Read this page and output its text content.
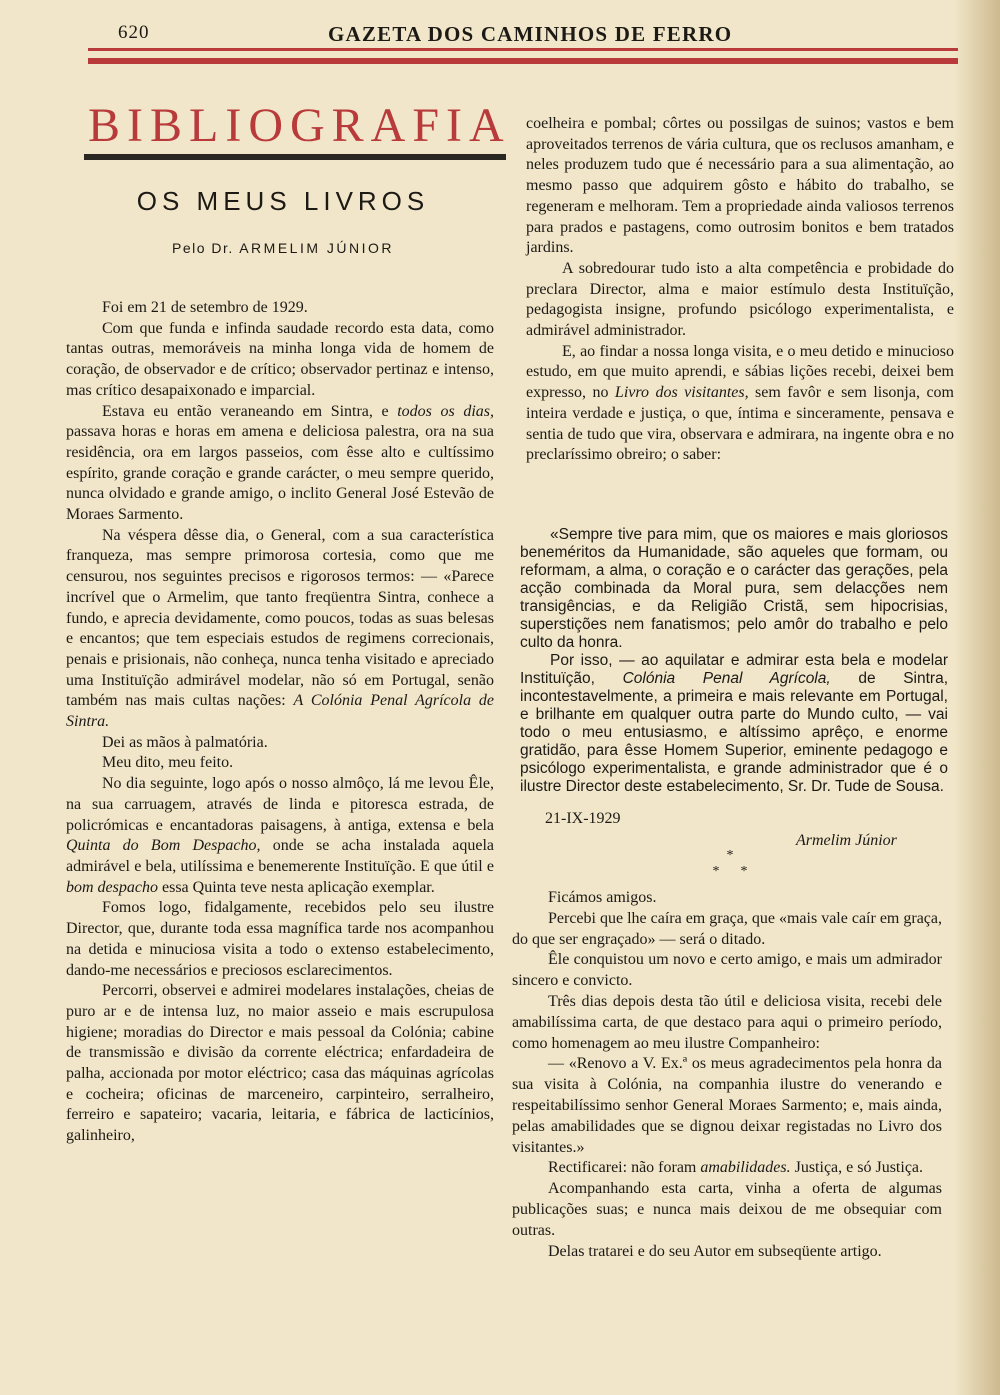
620	GAZETA DOS CAMINHOS DE FERRO
BIBLIOGRAFIA
OS MEUS LIVROS
Pelo Dr. ARMELIM JÚNIOR

Foi em 21 de setembro de 1929.

Com que funda e infinda saudade recordo esta data, como tantas outras, memoráveis na minha longa vida de homem de coração, de observador e de crítico; observador pertinaz e intenso, mas crítico desapaixonado e imparcial.

Estava eu então veraneando em Sintra, e todos os dias, passava horas e horas em amena e deliciosa palestra, ora na sua residência, ora em largos passeios, com êsse alto e cultíssimo espírito, grande coração e grande carácter, o meu sempre querido, nunca olvidado e grande amigo, o inclito General José Estevão de Moraes Sarmento.

Na véspera dêsse dia, o General, com a sua característica franqueza, mas sempre primorosa cortesia, como que me censurou, nos seguintes precisos e rigorosos termos: — «Parece incrível que o Armelim, que tanto freqüentra Sintra, conhece a fundo, e aprecia devidamente, como poucos, todas as suas belesas e encantos; que tem especiais estudos de regimens correcionais, penais e prisionais, não conheça, nunca tenha visitado e apreciado uma Instituïção admirável modelar, não só em Portugal, senão também nas mais cultas nações: A Colónia Penal Agrícola de Sintra.

Dei as mãos à palmatória.

Meu dito, meu feito.

No dia seguinte, logo após o nosso almôço, lá me levou Êle, na sua carruagem, através de linda e pitoresca estrada, de policrómicas e encantadoras paisagens, à antiga, extensa e bela Quinta do Bom Despacho, onde se acha instalada aquela admirável e bela, utilíssima e benemerente Instituïção. E que útil e bom despacho essa Quinta teve nesta aplicação exemplar.

Fomos logo, fidalgamente, recebidos pelo seu ilustre Director, que, durante toda essa magnífica tarde nos acompanhou na detida e minuciosa visita a todo o extenso estabelecimento, dando-me necessários e preciosos esclarecimentos.

Percorri, observei e admirei modelares instalações, cheias de puro ar e de intensa luz, no maior asseio e mais escrupulosa higiene; moradias do Director e mais pessoal da Colónia; cabine de transmissão e divisão da corrente eléctrica; enfardadeira de palha, accionada por motor eléctrico; casa das máquinas agrícolas e cocheira; oficinas de marceneiro, carpinteiro, serralheiro, ferreiro e sapateiro; vacaria, leitaria, e fábrica de lacticínios, galinheiro,

coelheira e pombal; côrtes ou possilgas de suinos; vastos e bem aproveitados terrenos de vária cultura, que os reclusos amanham, e neles produzem tudo que é necessário para a sua alimentação, ao mesmo passo que adquirem gôsto e hábito do trabalho, se regeneram e melhoram. Tem a propriedade ainda valiosos terrenos para prados e pastagens, como outrosim bonitos e bem tratados jardins.

A sobredourar tudo isto a alta competência e probidade do preclara Director, alma e maior estímulo desta Instituïção, pedagogista insigne, profundo psicólogo experimentalista, e admirável administrador.

E, ao findar a nossa longa visita, e o meu detido e minucioso estudo, em que muito aprendi, e sábias lições recebi, deixei bem expresso, no Livro dos visitantes, sem favôr e sem lisonja, com inteira verdade e justiça, o que, íntima e sinceramente, pensava e sentia de tudo que vira, observara e admirara, na ingente obra e no preclaríssimo obreiro; o saber:

«Sempre tive para mim, que os maiores e mais gloriosos beneméritos da Humanidade, são aqueles que formam, ou reformam, a alma, o coração e o carácter das gerações, pela acção combinada da Moral pura, sem delacções nem transigências, e da Religião Cristã, sem hipocrisias, superstições nem fanatismos; pelo amôr do trabalho e pelo culto da honra.

Por isso, — ao aquilatar e admirar esta bela e modelar Instituïção, Colónia Penal Agrícola, de Sintra, incontestavelmente, a primeira e mais relevante em Portugal, e brilhante em qualquer outra parte do Mundo culto, — vai todo o meu entusiasmo, e altíssimo aprêço, e enorme gratidão, para êsse Homem Superior, eminente pedagogo e psicólogo experimentalista, e grande administrador que é o ilustre Director deste estabelecimento, Sr. Dr. Tude de Sousa.

21-IX-1929
Armelim Júnior
*
*      *

Ficámos amigos.

Percebi que lhe caíra em graça, que «mais vale caír em graça, do que ser engraçado» — será o ditado.

Êle conquistou um novo e certo amigo, e mais um admirador sincero e convicto.

Três dias depois desta tão útil e deliciosa visita, recebi dele amabilíssima carta, de que destaco para aqui o primeiro período, como homenagem ao meu ilustre Companheiro:

— «Renovo a V. Ex.ª os meus agradecimentos pela honra da sua visita à Colónia, na companhia ilustre do venerando e respeitabilíssimo senhor General Moraes Sarmento; e, mais ainda, pelas amabilidades que se dignou deixar registadas no Livro dos visitantes.»

Rectificarei: não foram amabilidades. Justiça, e só Justiça.

Acompanhando esta carta, vinha a oferta de algumas publicações suas; e nunca mais deixou de me obsequiar com outras.

Delas tratarei e do seu Autor em subseqüente artigo.
